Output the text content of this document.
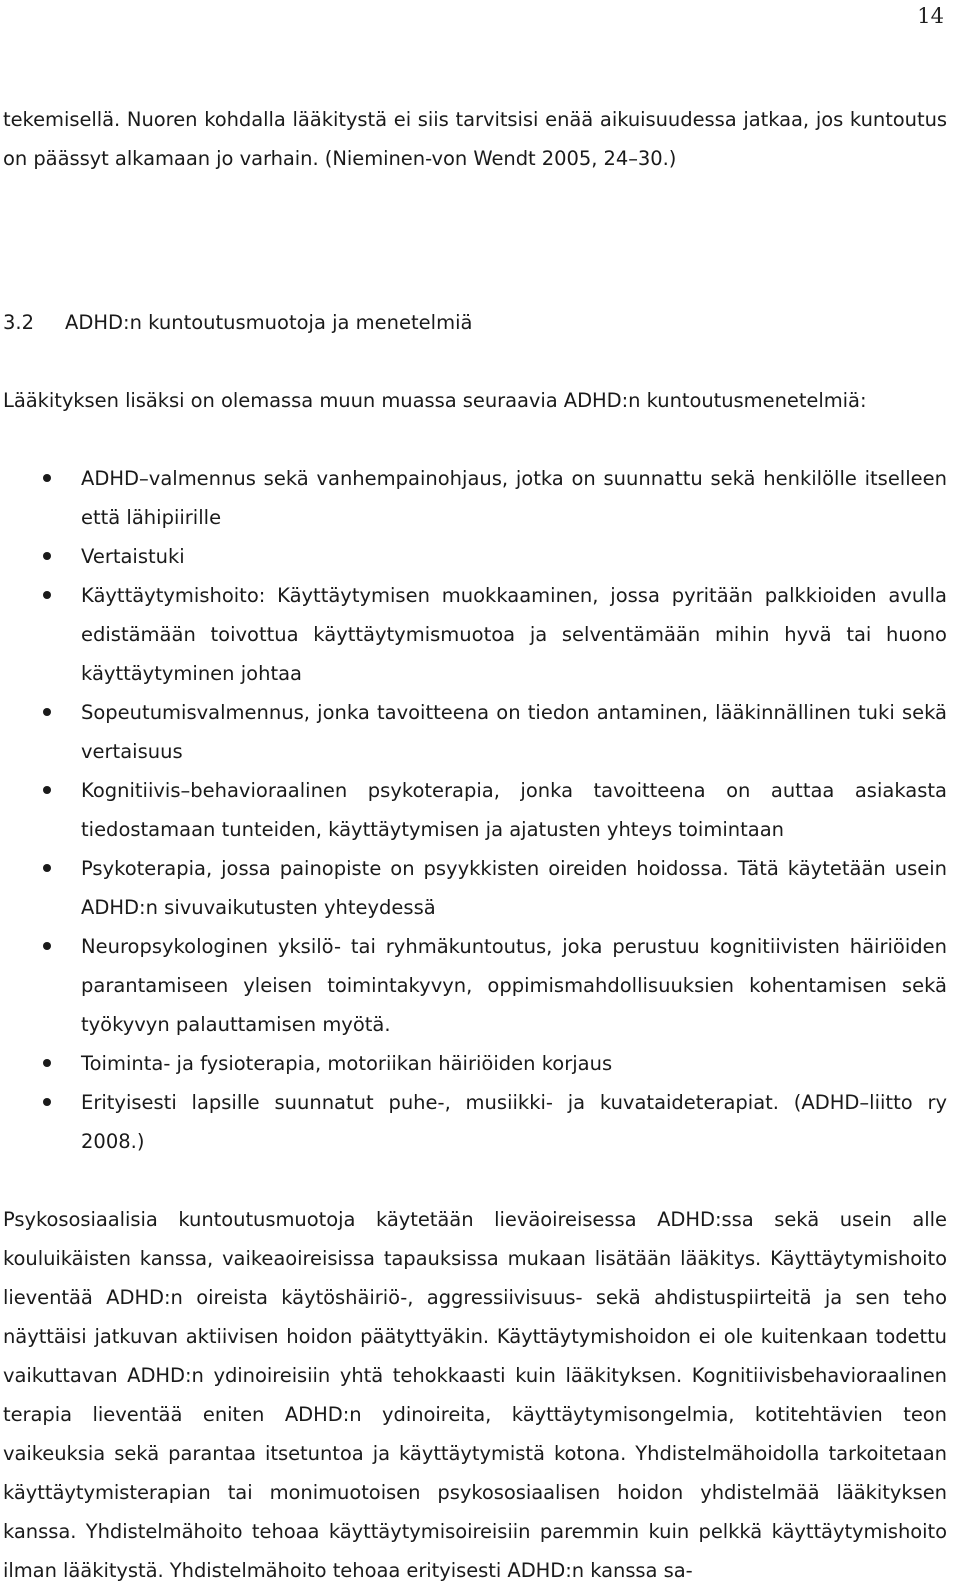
14

tekemisellä. Nuoren kohdalla lääkitystä ei siis tarvitsisi enää aikuisuudessa jatkaa, jos kuntoutus on päässyt alkamaan jo varhain. (Nieminen-von Wendt 2005, 24–30.)

3.2	ADHD:n kuntoutusmuotoja ja menetelmiä

Lääkityksen lisäksi on olemassa muun muassa seuraavia ADHD:n kuntoutusmenetelmiä:

ADHD–valmennus sekä vanhempainohjaus, jotka on suunnattu sekä henkilölle itselleen että lähipiirille
Vertaistuki
Käyttäytymishoito: Käyttäytymisen muokkaaminen, jossa pyritään palkkioiden avulla edistämään toivottua käyttäytymismuotoa ja selventämään mihin hyvä tai huono käyttäytyminen johtaa
Sopeutumisvalmennus, jonka tavoitteena on tiedon antaminen, lääkinnällinen tuki sekä vertaisuus
Kognitiivis–behavioraalinen psykoterapia, jonka tavoitteena on auttaa asiakasta tiedostamaan tunteiden, käyttäytymisen ja ajatusten yhteys toimintaan
Psykoterapia, jossa painopiste on psyykkisten oireiden hoidossa. Tätä käytetään usein ADHD:n sivuvaikutusten yhteydessä
Neuropsykologinen yksilö- tai ryhmäkuntoutus, joka perustuu kognitiivisten häiriöiden parantamiseen yleisen toimintakyvyn, oppimismahdollisuuksien kohentamisen sekä työkyvyn palauttamisen myötä.
Toiminta- ja fysioterapia, motoriikan häiriöiden korjaus
Erityisesti lapsille suunnatut puhe-, musiikki- ja kuvataideterapiat. (ADHD–liitto ry 2008.)

Psykososiaalisia kuntoutusmuotoja käytetään lieväoireisessa ADHD:ssa sekä usein alle kouluikäisten kanssa, vaikeaoireisissa tapauksissa mukaan lisätään lääkitys. Käyttäytymishoito lieventää ADHD:n oireista käytöshäiriö-, aggressiivisuus- sekä ahdistuspiirteitä ja sen teho näyttäisi jatkuvan aktiivisen hoidon päätyttyäkin. Käyttäytymishoidon ei ole kuitenkaan todettu vaikuttavan ADHD:n ydinoireisiin yhtä tehokkaasti kuin lääkityksen. Kognitiivisbehavioraalinen terapia lieventää eniten ADHD:n ydinoireita, käyttäytymisongelmia, kotitehtävien teon vaikeuksia sekä parantaa itsetuntoa ja käyttäytymistä kotona. Yhdistelmähoidolla tarkoitetaan käyttäytymisterapian tai monimuotoisen psykososiaalisen hoidon yhdistelmää lääkityksen kanssa. Yhdistelmähoito tehoaa käyttäytymisoireisiin paremmin kuin pelkkä käyttäytymishoito ilman lääkitystä. Yhdistelmähoito tehoaa erityisesti ADHD:n kanssa sa-
